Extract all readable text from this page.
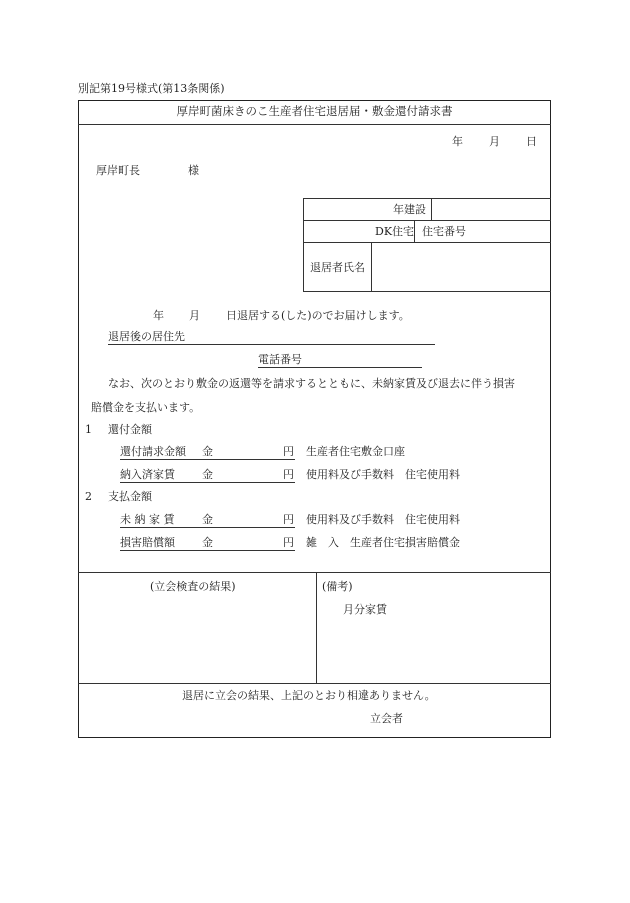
別記第19号様式(第13条関係)
厚岸町菌床きのこ生産者住宅退居届・敷金還付請求書
年 月 日
厚岸町長	様
年建設
DK住宅 住宅番号
退居者氏名
年 月 日退居する(した)のでお届けします。
退居後の居住先
電話番号
なお、次のとおり敷金の返還等を請求するとともに、未納家賃及び退去に伴う損害
賠償金を支払います。
1 還付金額
還付請求金額 金	円 生産者住宅敷金口座
納入済家賃 金	円 使用料及び手数料　住宅使用料
2 支払金額
未 納 家 賃	金	円 使用料及び手数料　住宅使用料
損害賠償額 金	円 雑　入　生産者住宅損害賠償金
(立会検査の結果)	(備考)
月分家賃
退居に立会の結果、上記のとおり相違ありません。
立会者
